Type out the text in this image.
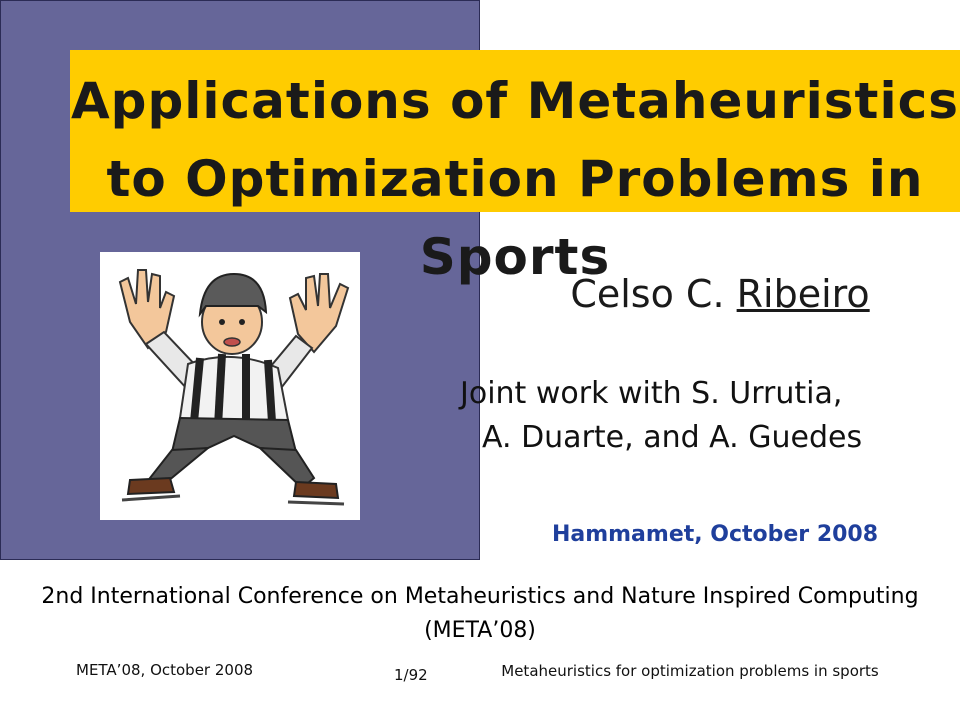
Applications of Metaheuristics to Optimization Problems in Sports
Celso C. Ribeiro
Joint work with S. Urrutia,
A. Duarte, and A. Guedes
Hammamet, October 2008
2nd International Conference on Metaheuristics and Nature Inspired Computing (META’08)
META’08, October 2008	1/92	Metaheuristics for optimization problems in sports
